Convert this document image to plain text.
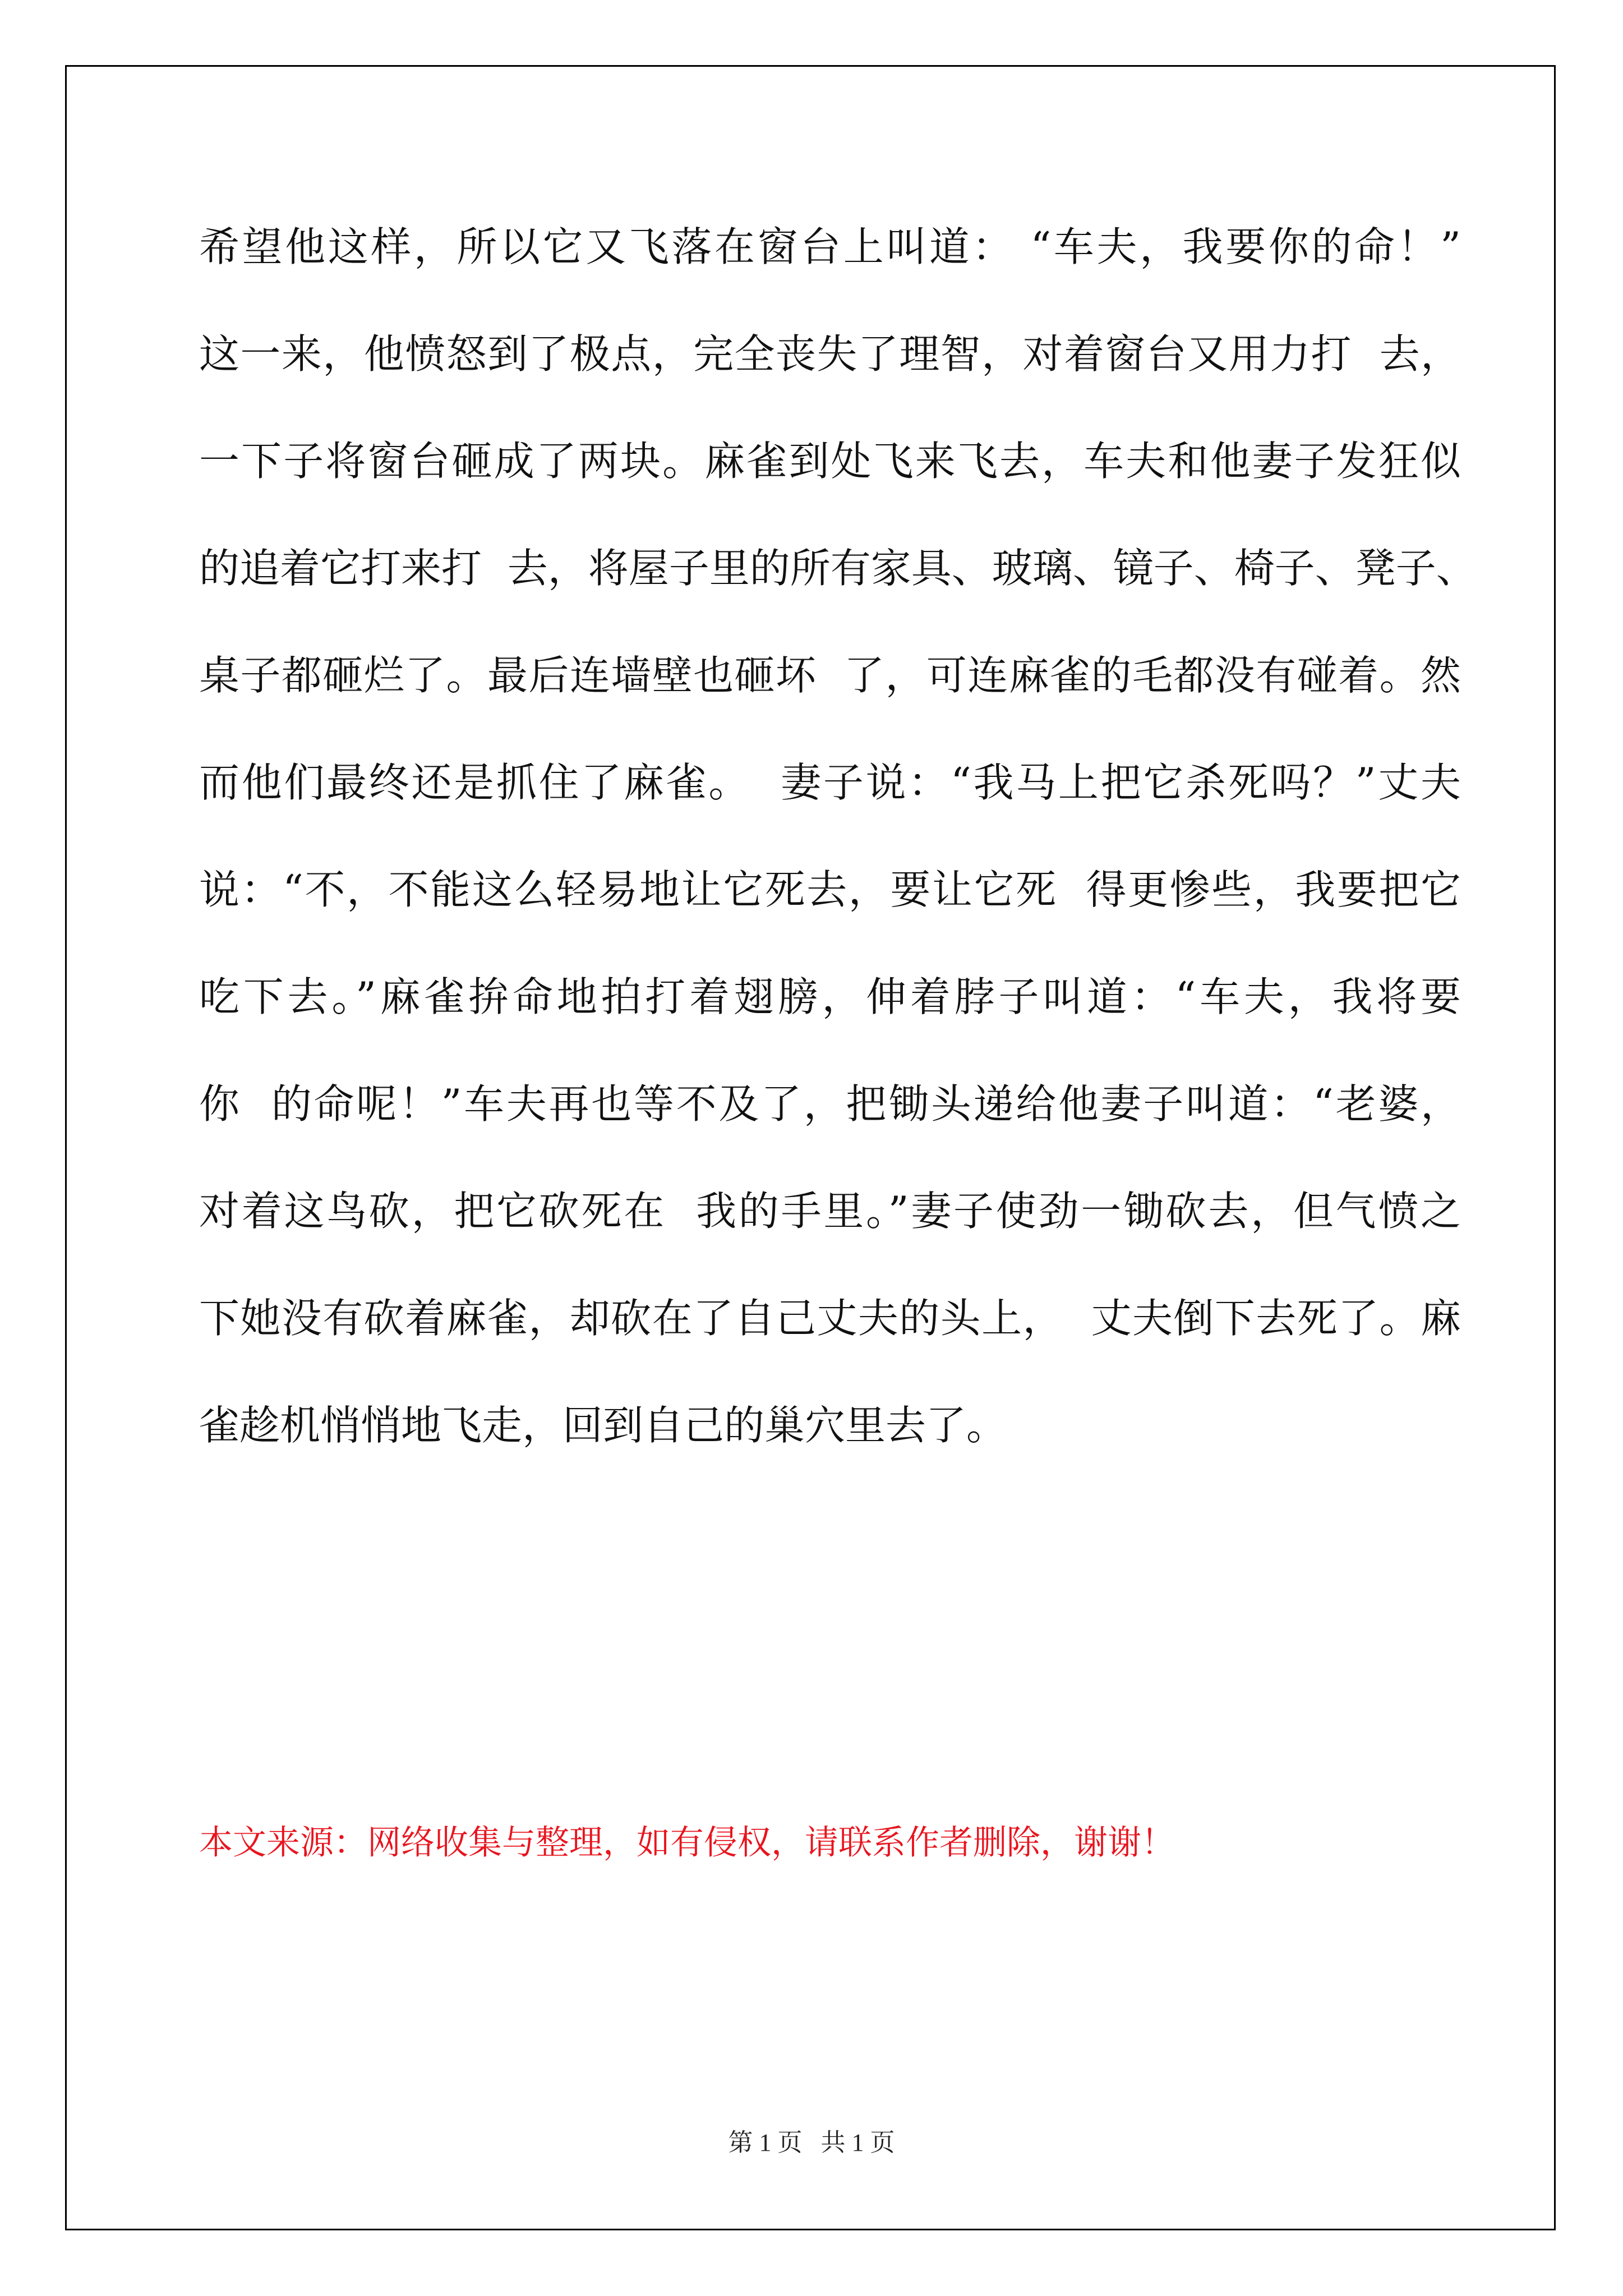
希望他这样，所以它又飞落在窗台上叫道： “车夫，我要你的命！”
这一来，他愤怒到了极点，完全丧失了理智，对着窗台又用力打  去，
一下子将窗台砸成了两块。麻雀到处飞来飞去，车夫和他妻子发狂似
的追着它打来打  去，将屋子里的所有家具、玻璃、镜子、椅子、凳子、
桌子都砸烂了。最后连墙壁也砸坏  了，可连麻雀的毛都没有碰着。然
而他们最终还是抓住了麻雀。  妻子说：“我马上把它杀死吗？”丈夫
说：“不，不能这么轻易地让它死去，要让它死  得更惨些，我要把它
吃下去。”麻雀拚命地拍打着翅膀，伸着脖子叫道：“车夫，我将要
你  的命呢！”车夫再也等不及了，把锄头递给他妻子叫道：“老婆，
对着这鸟砍，把它砍死在  我的手里。”妻子使劲一锄砍去，但气愤之
下她没有砍着麻雀，却砍在了自己丈夫的头上，  丈夫倒下去死了。麻
雀趁机悄悄地飞走，回到自己的巢穴里去了。
本文来源：网络收集与整理，如有侵权，请联系作者删除，谢谢！
第 1 页   共 1 页
